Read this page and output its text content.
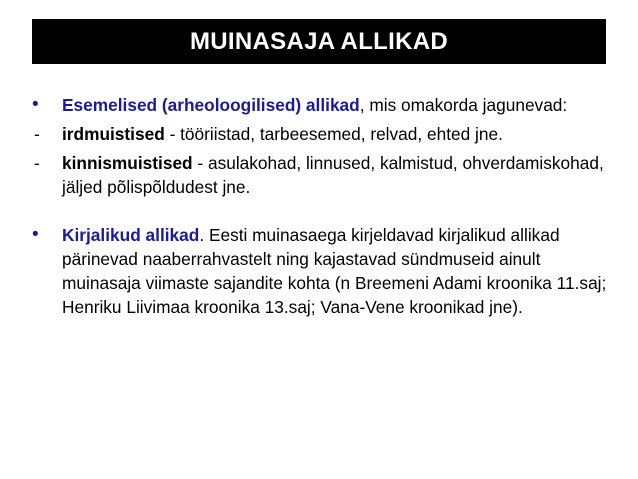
MUINASAJA ALLIKAD
•	Esemelised (arheoloogilised) allikad, mis omakorda jagunevad:
-	irdmuistised - tööriistad, tarbeesemed, relvad, ehted jne.
-	kinnismuistised - asulakohad, linnused, kalmistud, ohverdamiskohad, jäljed põlispõldudest jne.
•	Kirjalikud allikad. Eesti muinasaega kirjeldavad kirjalikud allikad pärinevad naaberrahvastelt ning kajastavad sündmuseid ainult muinasaja viimaste sajandite kohta (n Breemeni Adami kroonika 11.saj; Henriku Liivimaa kroonika 13.saj; Vana-Vene kroonikad jne).
